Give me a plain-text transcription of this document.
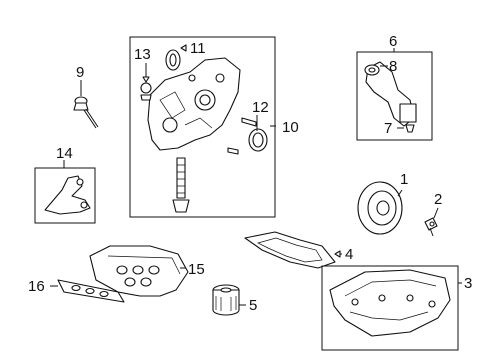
13	11
12
10
9
14
6
8
7
1
2
4
15
16
5
3
